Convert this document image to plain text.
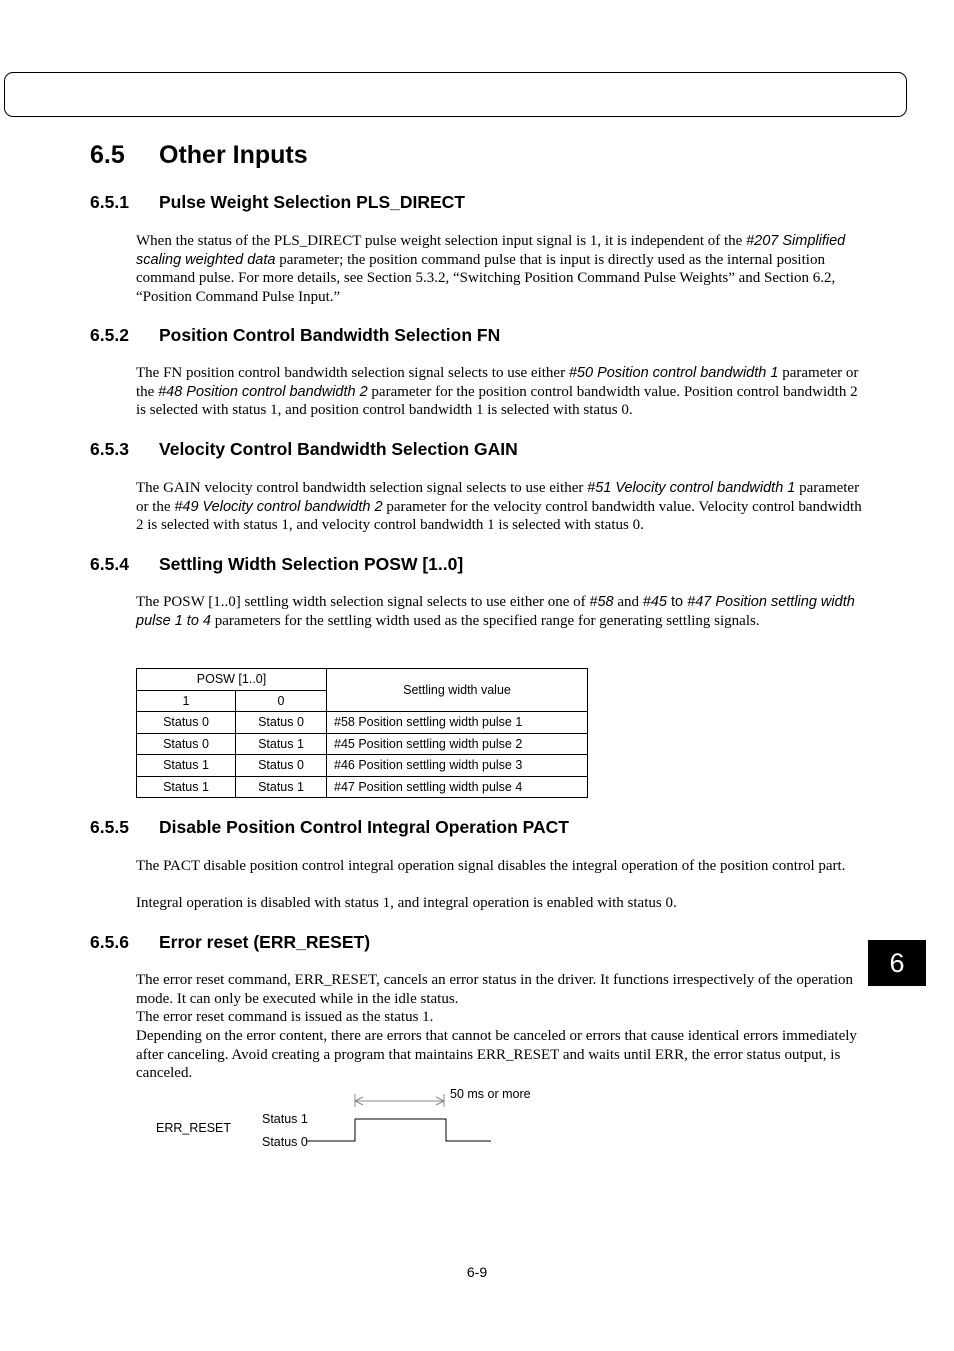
6.5 Other Inputs
6.5.1 Pulse Weight Selection PLS_DIRECT

When the status of the PLS_DIRECT pulse weight selection input signal is 1, it is independent of the #207 Simplified scaling weighted data parameter; the position command pulse that is input is directly used as the internal position command pulse. For more details, see Section 5.3.2, “Switching Position Command Pulse Weights” and Section 6.2, “Position Command Pulse Input.”

6.5.2 Position Control Bandwidth Selection FN

The FN position control bandwidth selection signal selects to use either #50 Position control bandwidth 1 parameter or the #48 Position control bandwidth 2 parameter for the position control bandwidth value. Position control bandwidth 2 is selected with status 1, and position control bandwidth 1 is selected with status 0.

6.5.3 Velocity Control Bandwidth Selection GAIN

The GAIN velocity control bandwidth selection signal selects to use either #51 Velocity control bandwidth 1 parameter or the #49 Velocity control bandwidth 2 parameter for the velocity control bandwidth value. Velocity control bandwidth 2 is selected with status 1, and velocity control bandwidth 1 is selected with status 0.

6.5.4 Settling Width Selection POSW [1..0]

The POSW [1..0] settling width selection signal selects to use either one of #58 and #45 to #47 Position settling width pulse 1 to 4 parameters for the settling width used as the specified range for generating settling signals.

POSW [1..0]		Settling width value
1	0	
Status 0	Status 0	#58 Position settling width pulse 1
Status 0	Status 1	#45 Position settling width pulse 2
Status 1	Status 0	#46 Position settling width pulse 3
Status 1	Status 1	#47 Position settling width pulse 4
6.5.5 Disable Position Control Integral Operation PACT

The PACT disable position control integral operation signal disables the integral operation of the position control part.

Integral operation is disabled with status 1, and integral operation is enabled with status 0.

6.5.6 Error reset (ERR_RESET)

The error reset command, ERR_RESET, cancels an error status in the driver. It functions irrespectively of the operation mode. It can only be executed while in the idle status.

The error reset command is issued as the status 1.

Depending on the error content, there are errors that cannot be canceled or errors that cause identical errors immediately after canceling. Avoid creating a program that maintains ERR_RESET and waits until ERR, the error status output, is canceled.

ERR_RESET
Status 1
Status 0
50 ms or more
6
6-9
